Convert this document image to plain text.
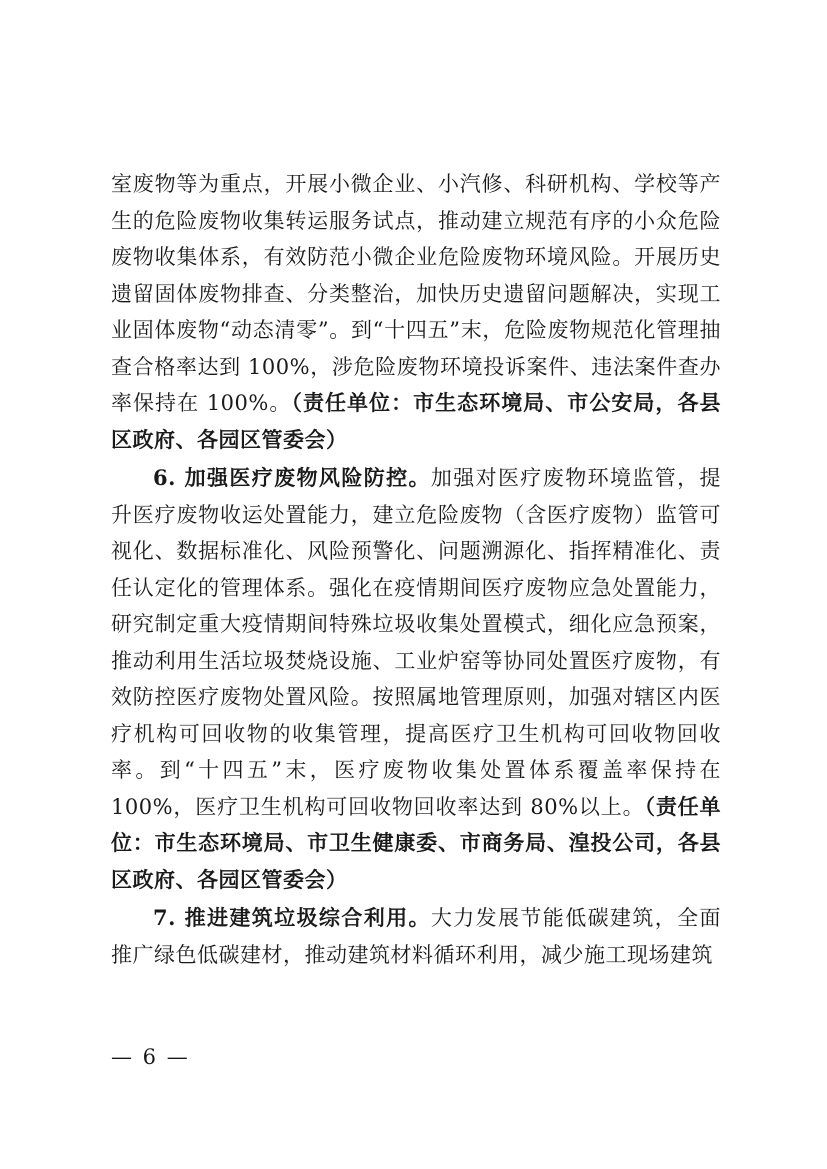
室废物等为重点，开展小微企业、小汽修、科研机构、学校等产生的危险废物收集转运服务试点，推动建立规范有序的小众危险废物收集体系，有效防范小微企业危险废物环境风险。开展历史遗留固体废物排查、分类整治，加快历史遗留问题解决，实现工业固体废物“动态清零”。到“十四五”末，危险废物规范化管理抽查合格率达到 100%，涉危险废物环境投诉案件、违法案件查办率保持在 100%。（责任单位：市生态环境局、市公安局，各县区政府、各园区管委会）

6. 加强医疗废物风险防控。加强对医疗废物环境监管，提升医疗废物收运处置能力，建立危险废物（含医疗废物）监管可视化、数据标准化、风险预警化、问题溯源化、指挥精准化、责任认定化的管理体系。强化在疫情期间医疗废物应急处置能力，研究制定重大疫情期间特殊垃圾收集处置模式，细化应急预案，推动利用生活垃圾焚烧设施、工业炉窑等协同处置医疗废物，有效防控医疗废物处置风险。按照属地管理原则，加强对辖区内医疗机构可回收物的收集管理，提高医疗卫生机构可回收物回收率。到“十四五”末，医疗废物收集处置体系覆盖率保持在 100%，医疗卫生机构可回收物回收率达到 80%以上。（责任单位：市生态环境局、市卫生健康委、市商务局、湟投公司，各县区政府、各园区管委会）

7. 推进建筑垃圾综合利用。大力发展节能低碳建筑，全面推广绿色低碳建材，推动建筑材料循环利用，减少施工现场建筑

— 6 —
